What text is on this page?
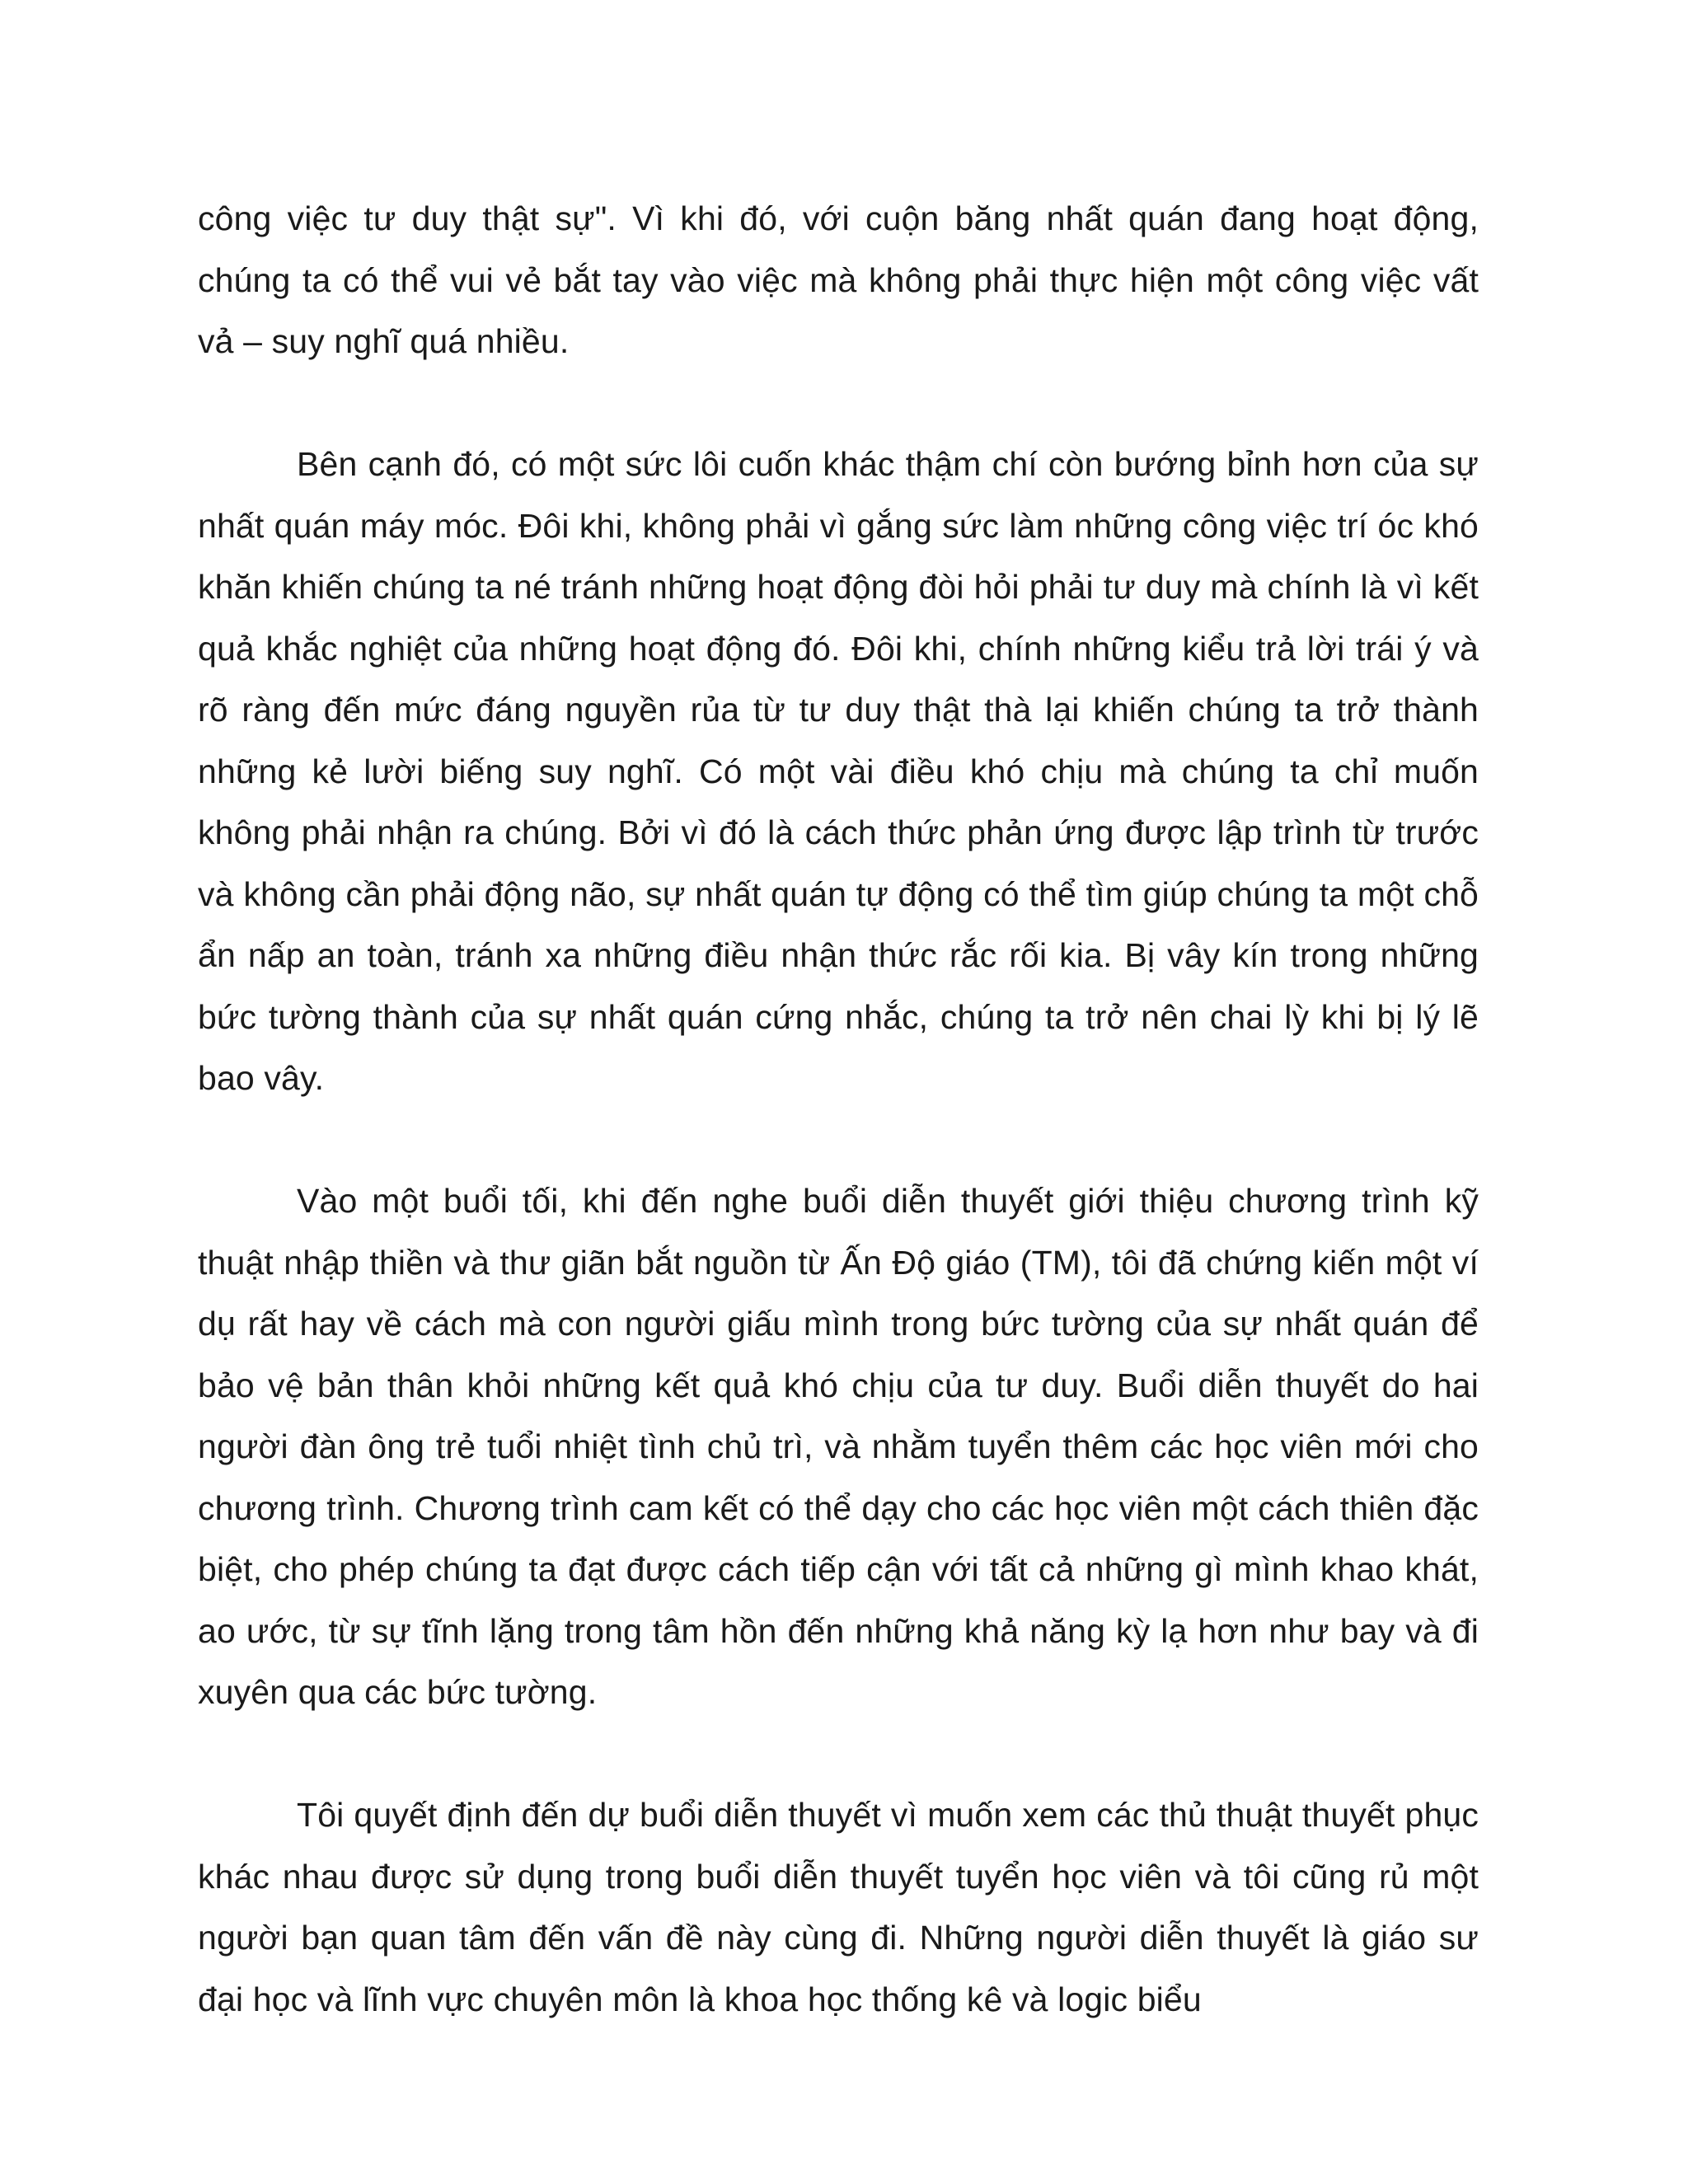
công việc tư duy thật sự". Vì khi đó, với cuộn băng nhất quán đang hoạt động, chúng ta có thể vui vẻ bắt tay vào việc mà không phải thực hiện một công việc vất vả – suy nghĩ quá nhiều.

Bên cạnh đó, có một sức lôi cuốn khác thậm chí còn bướng bỉnh hơn của sự nhất quán máy móc. Đôi khi, không phải vì gắng sức làm những công việc trí óc khó khăn khiến chúng ta né tránh những hoạt động đòi hỏi phải tư duy mà chính là vì kết quả khắc nghiệt của những hoạt động đó. Đôi khi, chính những kiểu trả lời trái ý và rõ ràng đến mức đáng nguyền rủa từ tư duy thật thà lại khiến chúng ta trở thành những kẻ lười biếng suy nghĩ. Có một vài điều khó chịu mà chúng ta chỉ muốn không phải nhận ra chúng. Bởi vì đó là cách thức phản ứng được lập trình từ trước và không cần phải động não, sự nhất quán tự động có thể tìm giúp chúng ta một chỗ ẩn nấp an toàn, tránh xa những điều nhận thức rắc rối kia. Bị vây kín trong những bức tường thành của sự nhất quán cứng nhắc, chúng ta trở nên chai lỳ khi bị lý lẽ bao vây.

Vào một buổi tối, khi đến nghe buổi diễn thuyết giới thiệu chương trình kỹ thuật nhập thiền và thư giãn bắt nguồn từ Ấn Độ giáo (TM), tôi đã chứng kiến một ví dụ rất hay về cách mà con người giấu mình trong bức tường của sự nhất quán để bảo vệ bản thân khỏi những kết quả khó chịu của tư duy. Buổi diễn thuyết do hai người đàn ông trẻ tuổi nhiệt tình chủ trì, và nhằm tuyển thêm các học viên mới cho chương trình. Chương trình cam kết có thể dạy cho các học viên một cách thiên đặc biệt, cho phép chúng ta đạt được cách tiếp cận với tất cả những gì mình khao khát, ao ước, từ sự tĩnh lặng trong tâm hồn đến những khả năng kỳ lạ hơn như bay và đi xuyên qua các bức tường.

Tôi quyết định đến dự buổi diễn thuyết vì muốn xem các thủ thuật thuyết phục khác nhau được sử dụng trong buổi diễn thuyết tuyển học viên và tôi cũng rủ một người bạn quan tâm đến vấn đề này cùng đi. Những người diễn thuyết là giáo sư đại học và lĩnh vực chuyên môn là khoa học thống kê và logic biểu
